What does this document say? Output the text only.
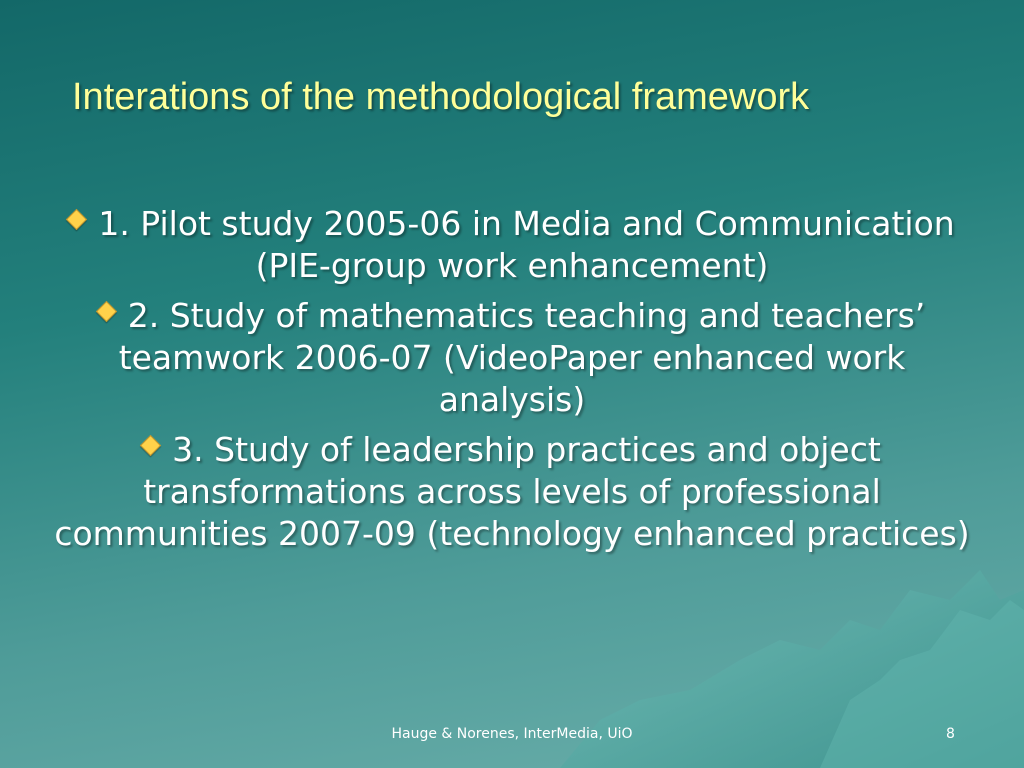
Interations of the methodological framework
1. Pilot study 2005-06 in Media and Communication (PIE-group work enhancement)
2. Study of mathematics teaching and teachers’ teamwork 2006-07 (VideoPaper enhanced work analysis)
3. Study of leadership practices and object transformations across levels of professional communities 2007-09 (technology enhanced practices)
Hauge & Norenes, InterMedia, UiO	8
